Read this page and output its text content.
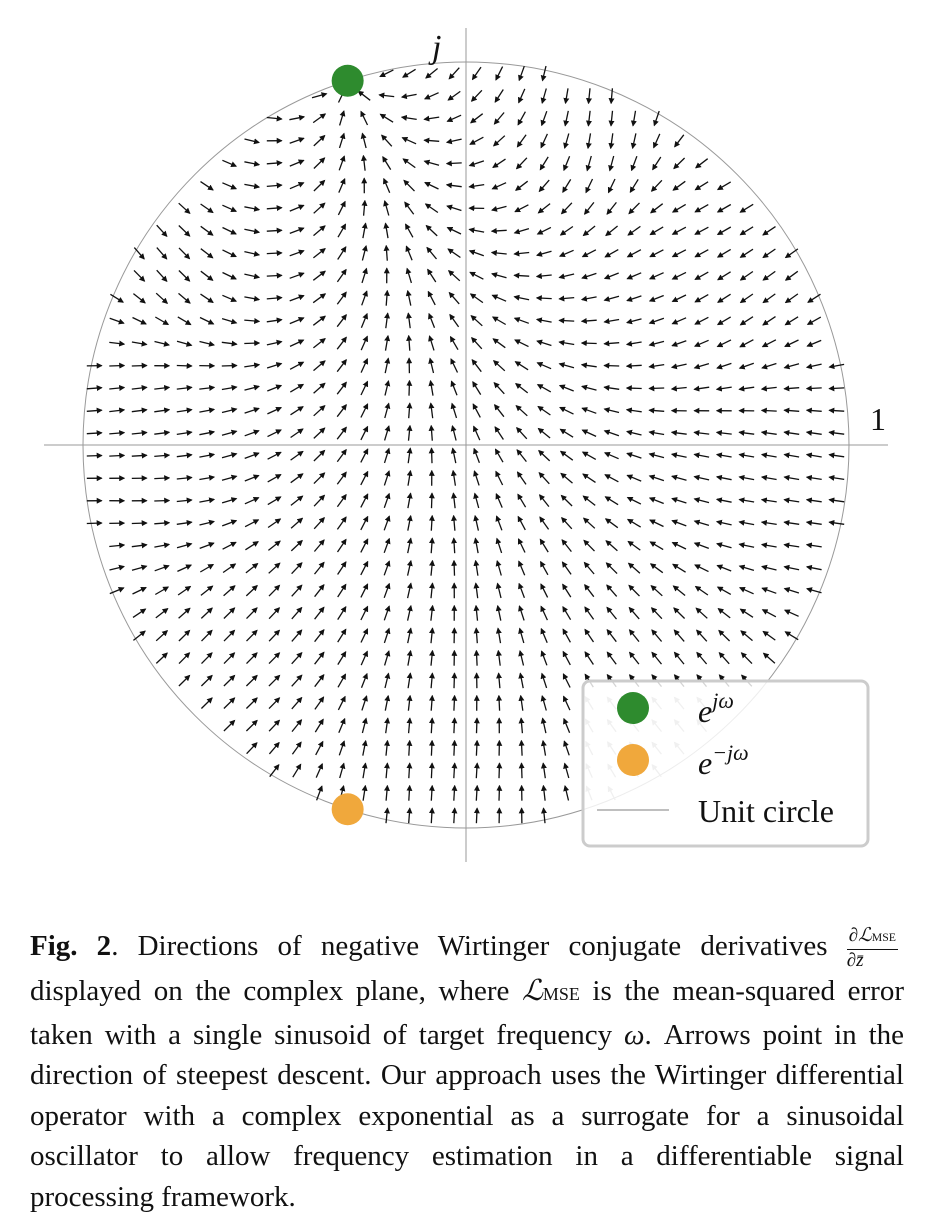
j
1
$e^{j\omega}$
$e^{-j\omega}$
Unit circle

Fig. 2. Directions of negative Wirtinger conjugate derivatives $\frac{\text{∂ℒMSE}}{\partial z̄}$
displayed on the complex plane, where ℒMSE is the mean-squared error taken with a single sinusoid of target frequency ω. Arrows point in the direction of steepest descent. Our approach uses the Wirtinger differential operator with a complex exponential as a surrogate for a sinusoidal oscillator to allow frequency estimation in a differentiable signal processing framework.
